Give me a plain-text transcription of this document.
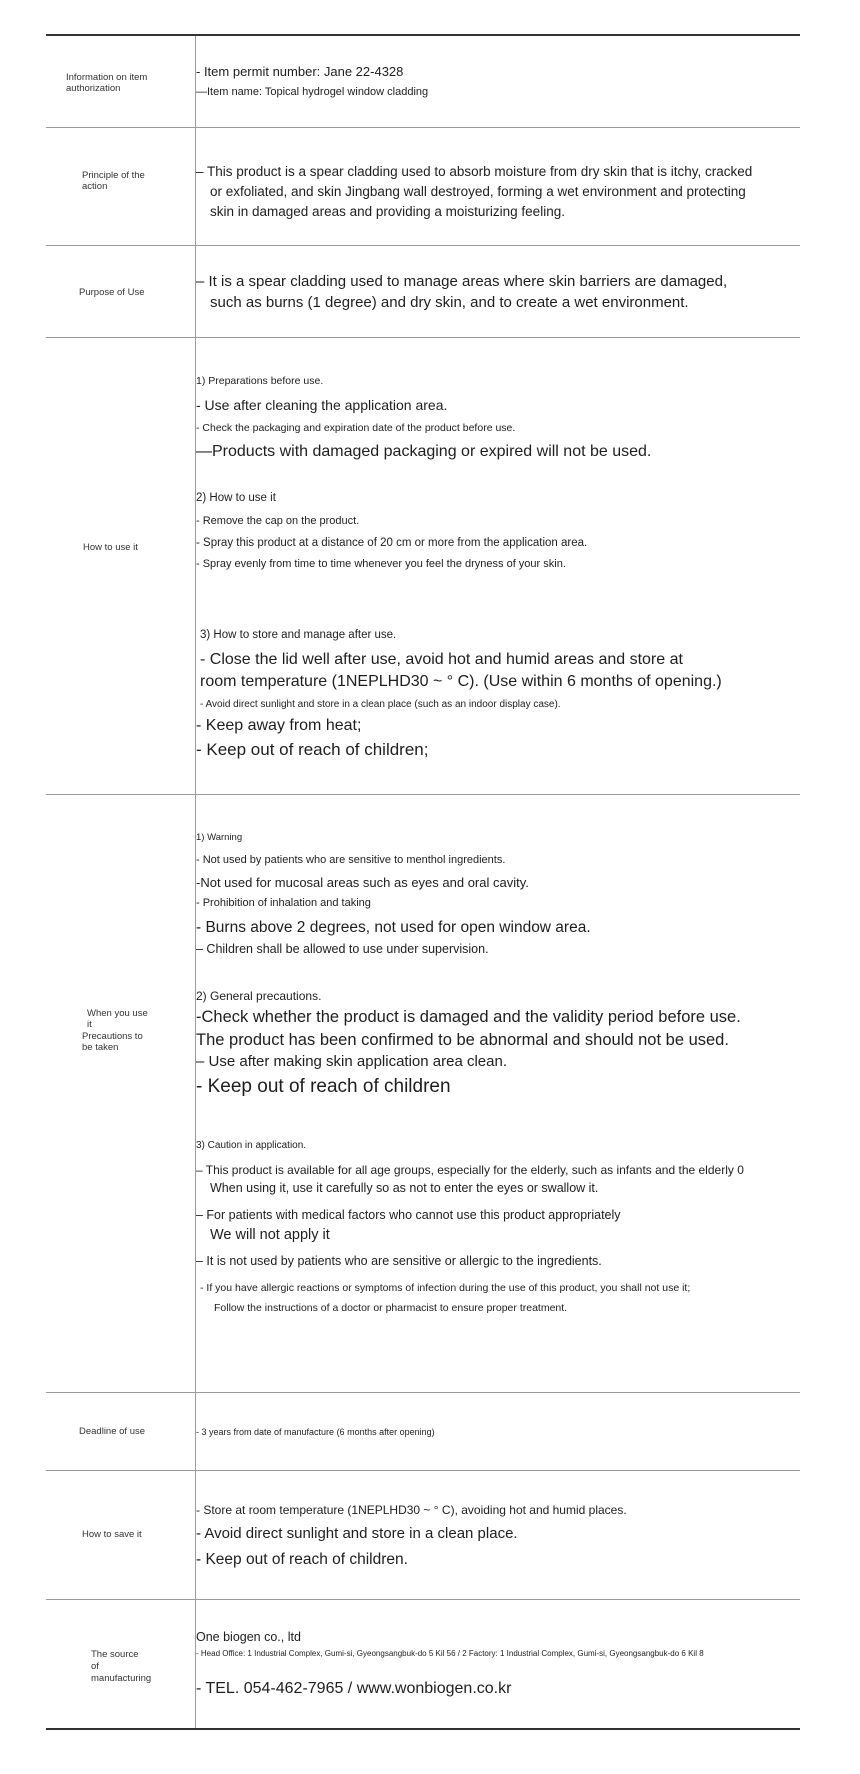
Information on item
authorization
- Item permit number: Jane 22-4328
—Item name: Topical hydrogel window cladding
Principle of the
action
– This product is a spear cladding used to absorb moisture from dry skin that is itchy, cracked
or exfoliated, and skin Jingbang wall destroyed, forming a wet environment and protecting
skin in damaged areas and providing a moisturizing feeling.
Purpose of Use
– It is a spear cladding used to manage areas where skin barriers are damaged,
such as burns (1 degree) and dry skin, and to create a wet environment.
How to use it
1) Preparations before use.
- Use after cleaning the application area.
- Check the packaging and expiration date of the product before use.
—Products with damaged packaging or expired will not be used.
2) How to use it
- Remove the cap on the product.
- Spray this product at a distance of 20 cm or more from the application area.
- Spray evenly from time to time whenever you feel the dryness of your skin.
3) How to store and manage after use.
- Close the lid well after use, avoid hot and humid areas and store at
room temperature (1NEPLHD30 ~ ° C). (Use within 6 months of opening.)
- Avoid direct sunlight and store in a clean place (such as an indoor display case).
- Keep away from heat;
- Keep out of reach of children;
When you use
it
Precautions to
be taken
1) Warning
- Not used by patients who are sensitive to menthol ingredients.
-Not used for mucosal areas such as eyes and oral cavity.
- Prohibition of inhalation and taking
- Burns above 2 degrees, not used for open window area.
– Children shall be allowed to use under supervision.
2) General precautions.
-Check whether the product is damaged and the validity period before use.
The product has been confirmed to be abnormal and should not be used.
– Use after making skin application area clean.
- Keep out of reach of children
3) Caution in application.
– This product is available for all age groups, especially for the elderly, such as infants and the elderly 0
When using it, use it carefully so as not to enter the eyes or swallow it.
– For patients with medical factors who cannot use this product appropriately
We will not apply it
– It is not used by patients who are sensitive or allergic to the ingredients.
- If you have allergic reactions or symptoms of infection during the use of this product, you shall not use it;
Follow the instructions of a doctor or pharmacist to ensure proper treatment.
Deadline of use	- 3 years from date of manufacture (6 months after opening)
How to save it
- Store at room temperature (1NEPLHD30 ~ ° C), avoiding hot and humid places.
- Avoid direct sunlight and store in a clean place.
- Keep out of reach of children.
The source
of
manufacturing
One biogen co., ltd
- Head Office: 1 Industrial Complex, Gumi-si, Gyeongsangbuk-do 5 Kil 56 / 2 Factory: 1 Industrial Complex, Gumi-si, Gyeongsangbuk-do 6 Kil 8
- TEL. 054-462-7965 / www.wonbiogen.co.kr
